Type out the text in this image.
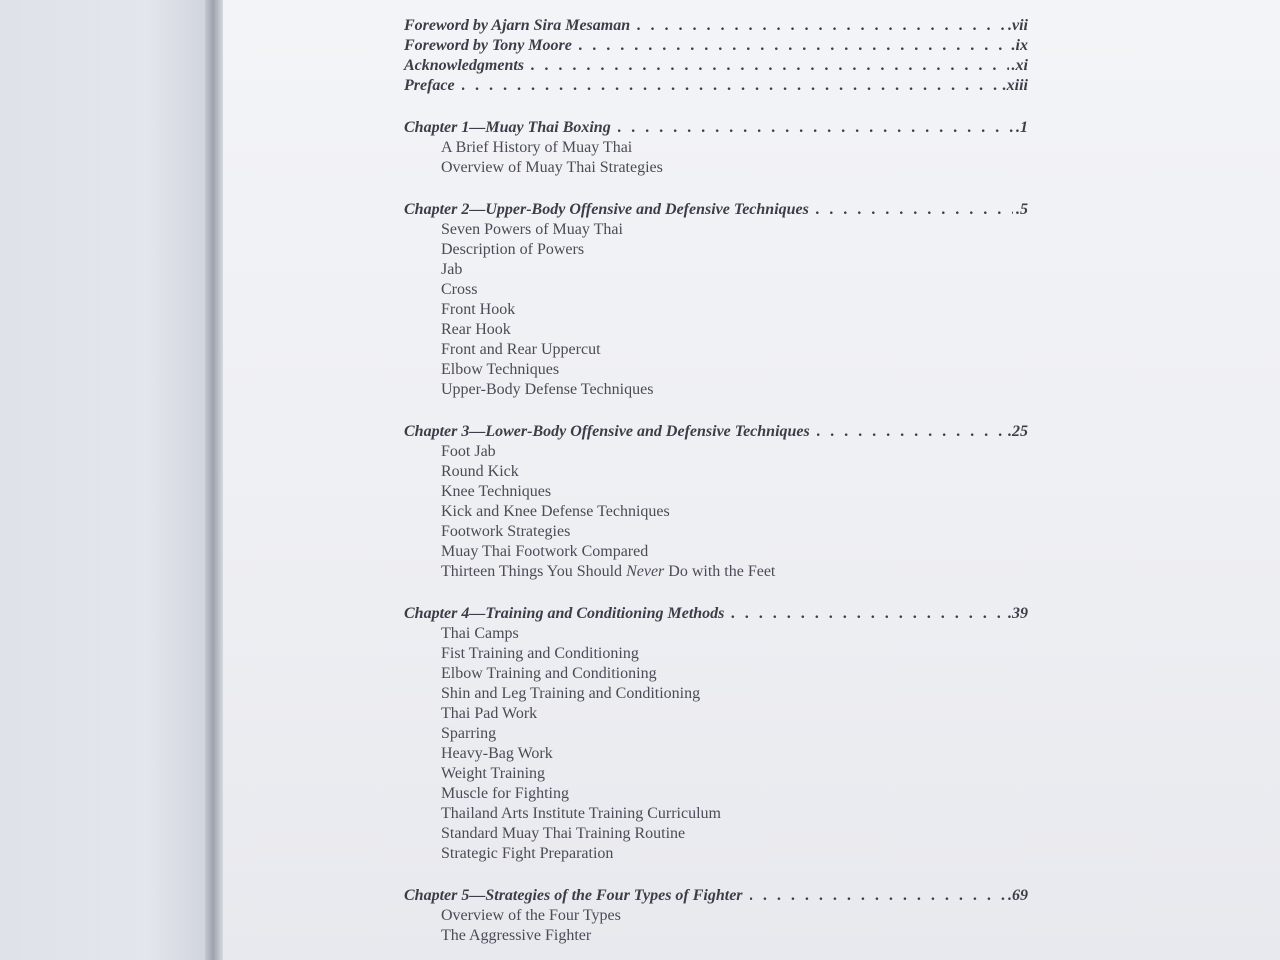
Foreword by Ajarn Sira Mesaman . . .	.vii
Foreword by Tony Moore . . .	.ix
Acknowledgments . . .	.xi
Preface . . .	.xiii
Chapter 1—Muay Thai Boxing . . .	.1
A Brief History of Muay Thai
Overview of Muay Thai Strategies
Chapter 2—Upper-Body Offensive and Defensive Techniques . . .	.5
Seven Powers of Muay Thai
Description of Powers
Jab
Cross
Front Hook
Rear Hook
Front and Rear Uppercut
Elbow Techniques
Upper-Body Defense Techniques
Chapter 3—Lower-Body Offensive and Defensive Techniques . . .	.25
Foot Jab
Round Kick
Knee Techniques
Kick and Knee Defense Techniques
Footwork Strategies
Muay Thai Footwork Compared
Thirteen Things You Should Never Do with the Feet
Chapter 4—Training and Conditioning Methods . . .	.39
Thai Camps
Fist Training and Conditioning
Elbow Training and Conditioning
Shin and Leg Training and Conditioning
Thai Pad Work
Sparring
Heavy-Bag Work
Weight Training
Muscle for Fighting
Thailand Arts Institute Training Curriculum
Standard Muay Thai Training Routine
Strategic Fight Preparation
Chapter 5—Strategies of the Four Types of Fighter . . .	.69
Overview of the Four Types
The Aggressive Fighter
